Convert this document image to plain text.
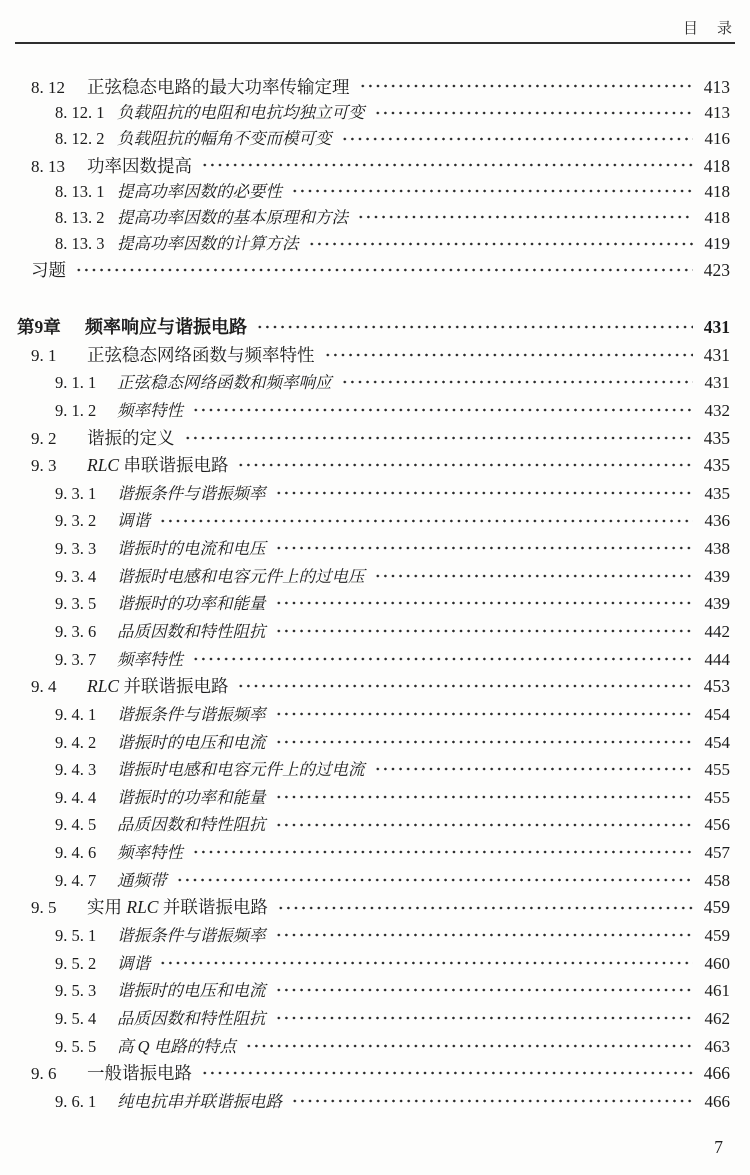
目　录
8. 12	正弦稳态电路的最大功率传输定理	413
8. 12. 1 负载阻抗的电阻和电抗均独立可变	413
8. 12. 2 负载阻抗的幅角不变而模可变	416
8. 13	功率因数提高	418
8. 13. 1 提高功率因数的必要性	418
8. 13. 2 提高功率因数的基本原理和方法	418
8. 13. 3 提高功率因数的计算方法	419
习题	423
第9章	频率响应与谐振电路	431
9. 1	正弦稳态网络函数与频率特性	431
9. 1. 1	正弦稳态网络函数和频率响应	431
9. 1. 2	频率特性	432
9. 2	谐振的定义	435
9. 3	RLC 串联谐振电路	435
9. 3. 1	谐振条件与谐振频率	435
9. 3. 2	调谐	436
9. 3. 3	谐振时的电流和电压	438
9. 3. 4	谐振时电感和电容元件上的过电压	439
9. 3. 5	谐振时的功率和能量	439
9. 3. 6	品质因数和特性阻抗	442
9. 3. 7	频率特性	444
9. 4	RLC 并联谐振电路	453
9. 4. 1	谐振条件与谐振频率	454
9. 4. 2	谐振时的电压和电流	454
9. 4. 3	谐振时电感和电容元件上的过电流	455
9. 4. 4	谐振时的功率和能量	455
9. 4. 5	品质因数和特性阻抗	456
9. 4. 6	频率特性	457
9. 4. 7	通频带	458
9. 5	实用 RLC 并联谐振电路	459
9. 5. 1	谐振条件与谐振频率	459
9. 5. 2	调谐	460
9. 5. 3	谐振时的电压和电流	461
9. 5. 4	品质因数和特性阻抗	462
9. 5. 5	高 Q 电路的特点	463
9. 6	一般谐振电路	466
9. 6. 1	纯电抗串并联谐振电路	466
7
